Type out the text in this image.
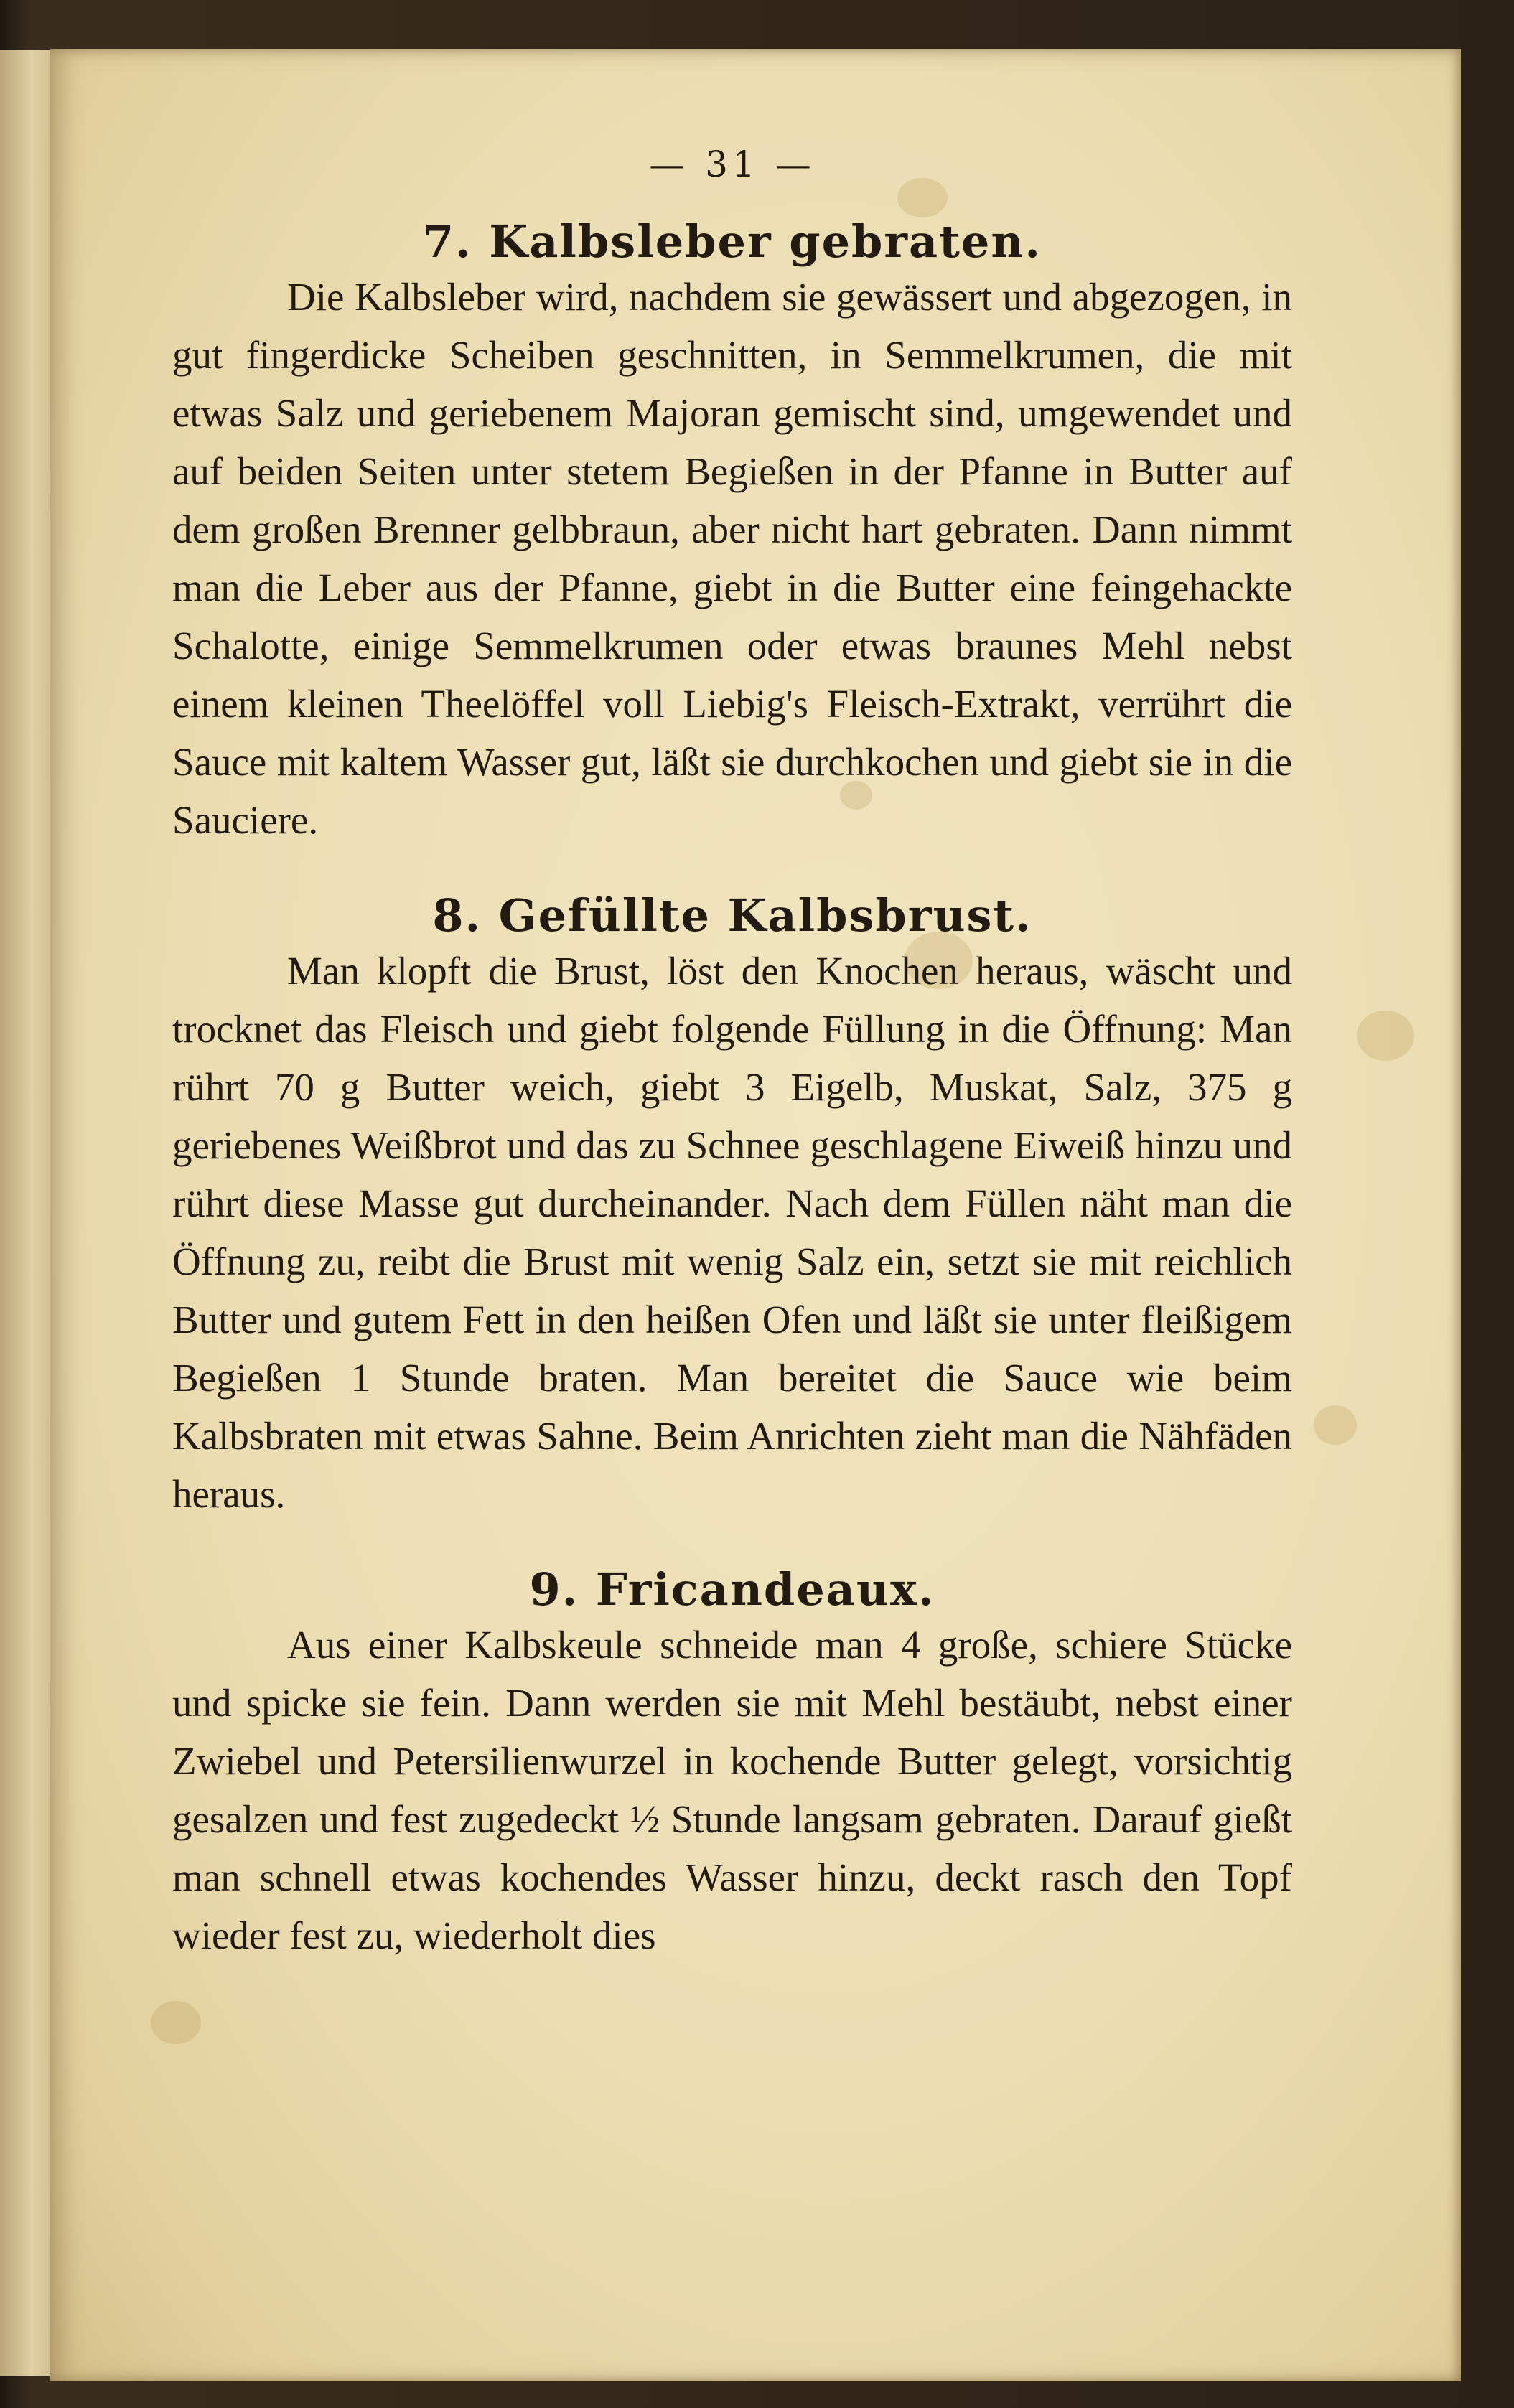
— 31 —
7. Kalbsleber gebraten.

Die Kalbsleber wird, nachdem sie gewässert und abgezogen, in gut fingerdicke Scheiben geschnitten, in Semmelkrumen, die mit etwas Salz und geriebenem Majoran gemischt sind, umgewendet und auf beiden Seiten unter stetem Begießen in der Pfanne in Butter auf dem großen Brenner gelbbraun, aber nicht hart gebraten. Dann nimmt man die Leber aus der Pfanne, giebt in die Butter eine feingehackte Schalotte, einige Semmelkrumen oder etwas braunes Mehl nebst einem kleinen Theelöffel voll Liebig's Fleisch-Extrakt, verrührt die Sauce mit kaltem Wasser gut, läßt sie durchkochen und giebt sie in die Sauciere.

8. Gefüllte Kalbsbrust.

Man klopft die Brust, löst den Knochen heraus, wäscht und trocknet das Fleisch und giebt folgende Füllung in die Öffnung: Man rührt 70 g Butter weich, giebt 3 Eigelb, Muskat, Salz, 375 g geriebenes Weißbrot und das zu Schnee geschlagene Eiweiß hinzu und rührt diese Masse gut durcheinander. Nach dem Füllen näht man die Öffnung zu, reibt die Brust mit wenig Salz ein, setzt sie mit reichlich Butter und gutem Fett in den heißen Ofen und läßt sie unter fleißigem Begießen 1 Stunde braten. Man bereitet die Sauce wie beim Kalbsbraten mit etwas Sahne. Beim Anrichten zieht man die Nähfäden heraus.

9. Fricandeaux.

Aus einer Kalbskeule schneide man 4 große, schiere Stücke und spicke sie fein. Dann werden sie mit Mehl bestäubt, nebst einer Zwiebel und Petersilienwurzel in kochende Butter gelegt, vorsichtig gesalzen und fest zugedeckt ½ Stunde langsam gebraten. Darauf gießt man schnell etwas kochendes Wasser hinzu, deckt rasch den Topf wieder fest zu, wiederholt dies
